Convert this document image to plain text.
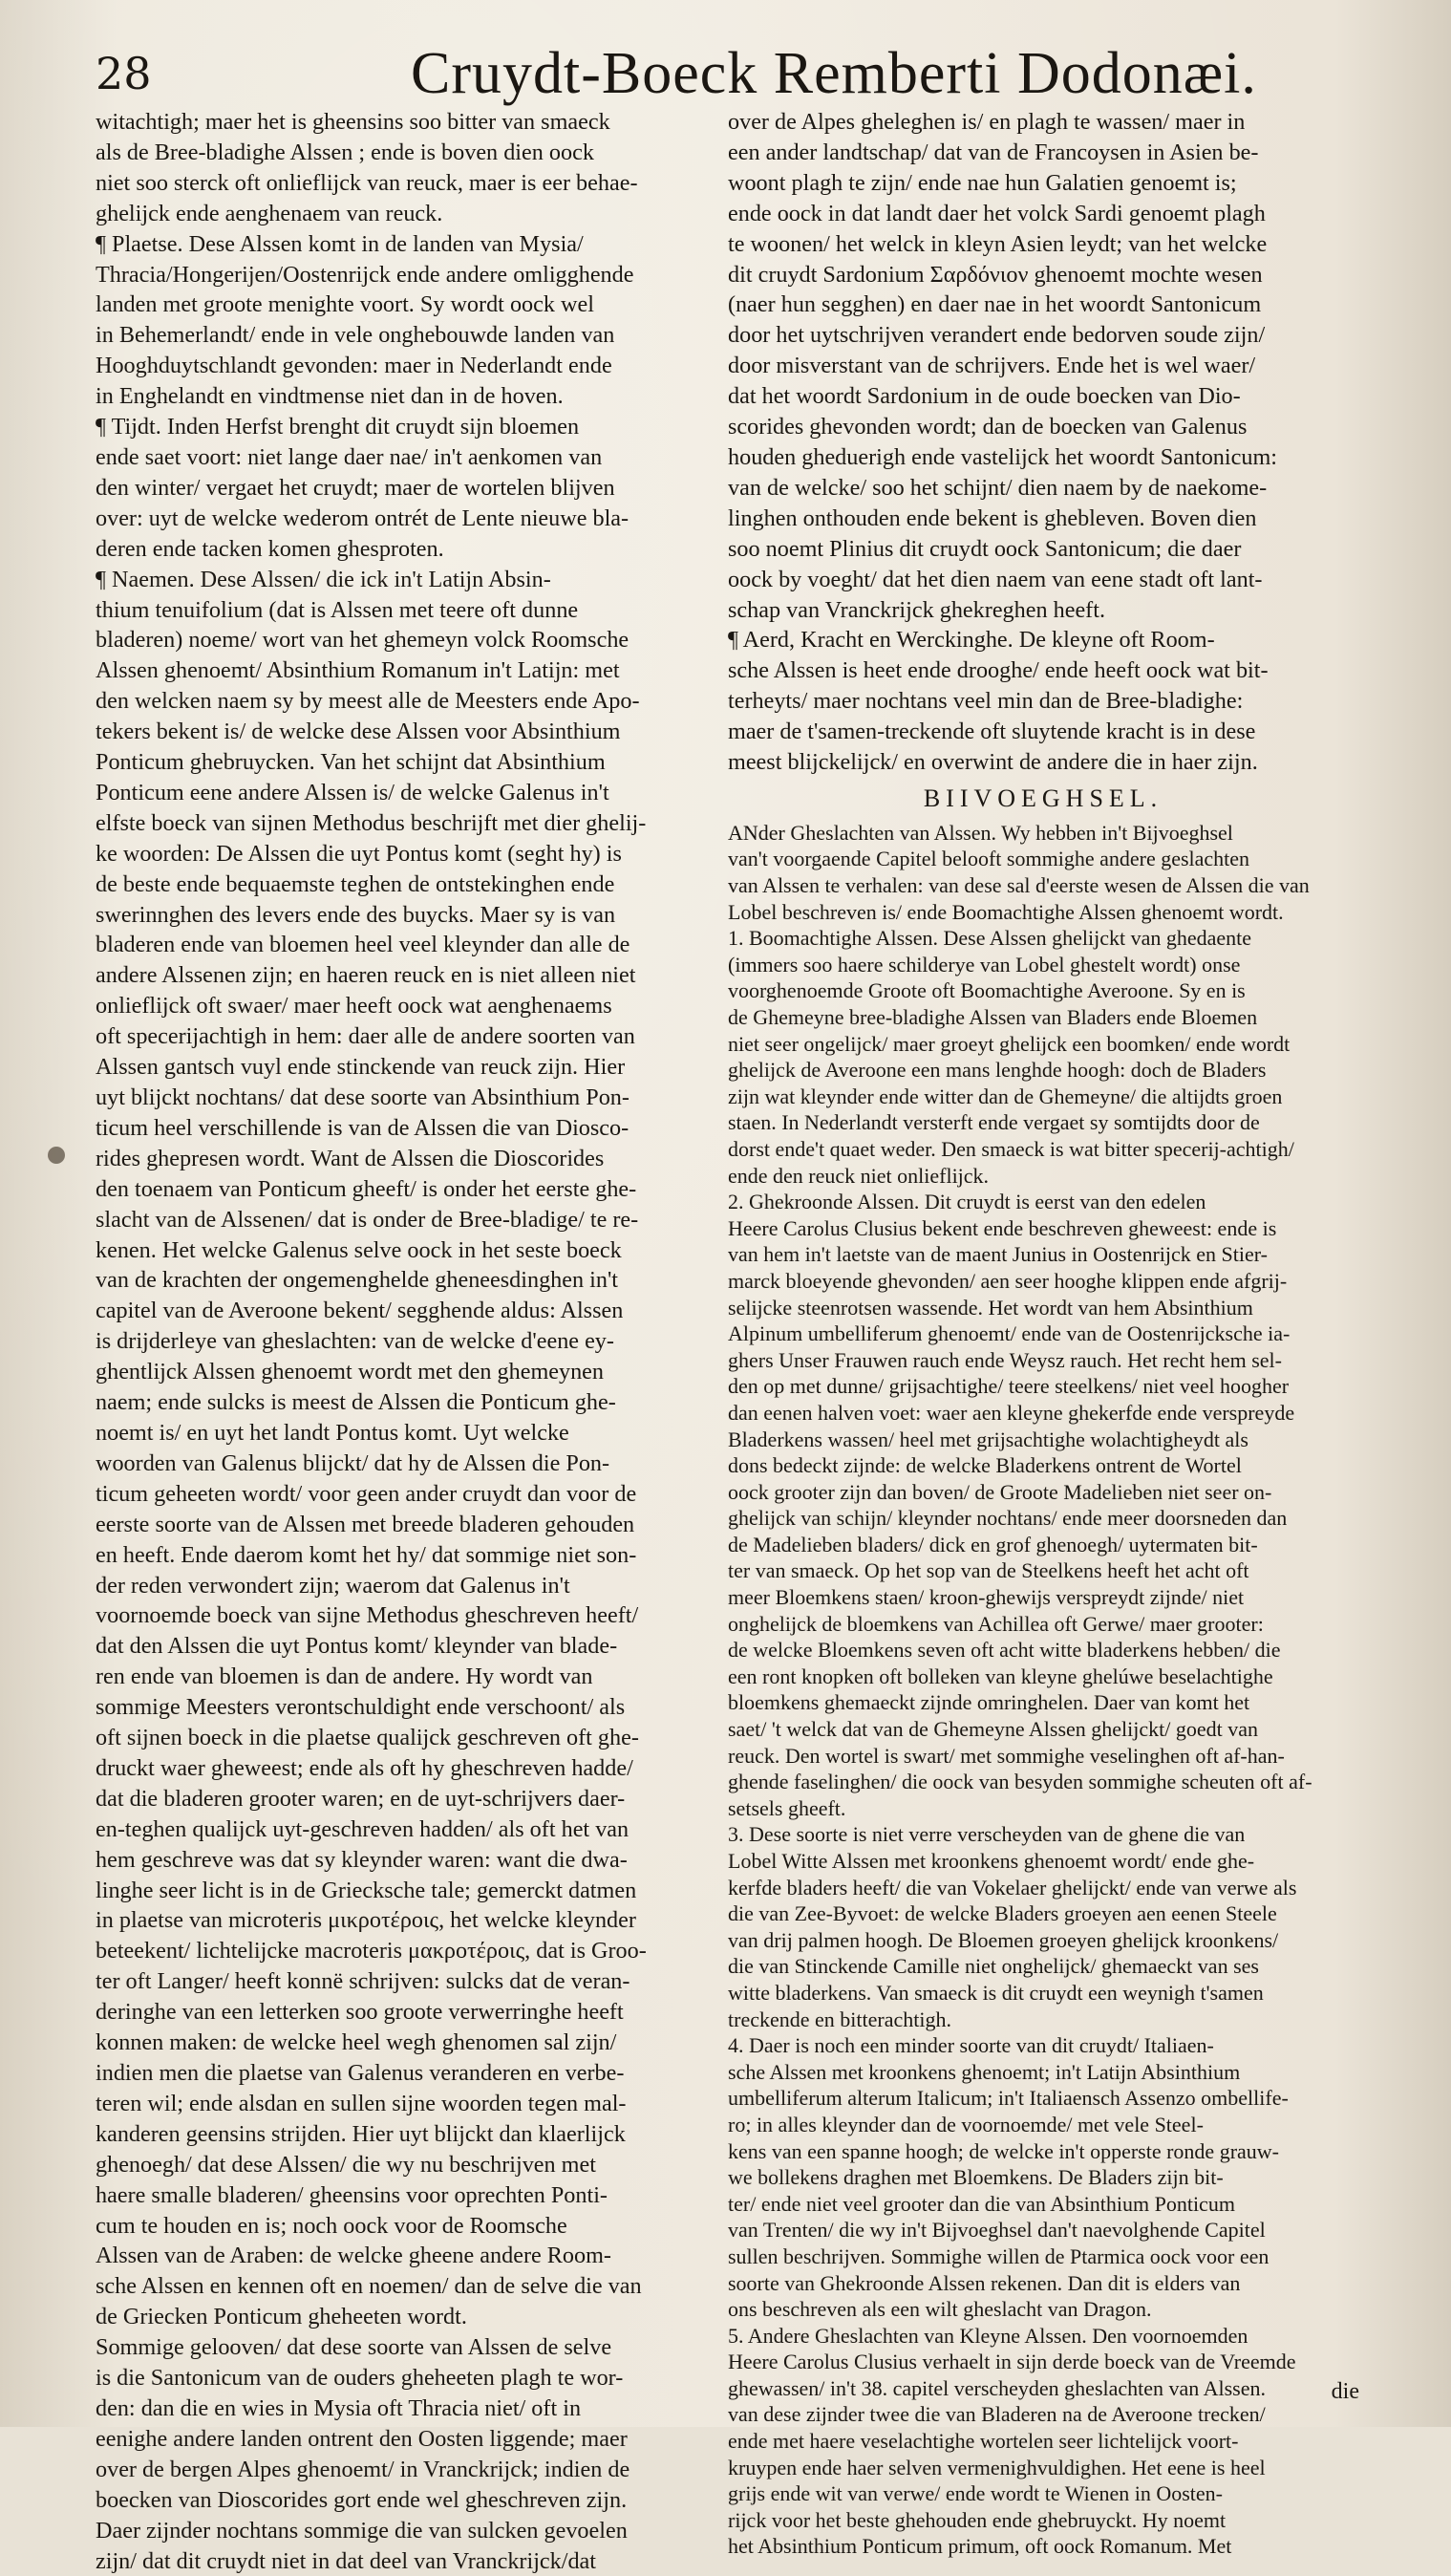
28	Cruydt-Boeck Remberti Dodonæi.
witachtigh; maer het is gheensins soo bitter van smaeck
als de Bree-bladighe Alssen ; ende is boven dien oock
niet soo sterck oft onlieflijck van reuck, maer is eer behae-
ghelijck ende aenghenaem van reuck.
¶ Plaetse. Dese Alssen komt in de landen van Mysia/
Thracia/Hongerijen/Oostenrijck ende andere omligghende
landen met groote menighte voort. Sy wordt oock wel
in Behemerlandt/ ende in vele onghebouwde landen van
Hooghduytschlandt gevonden: maer in Nederlandt ende
in Enghelandt en vindtmense niet dan in de hoven.
¶ Tijdt. Inden Herfst brenght dit cruydt sijn bloemen
ende saet voort: niet lange daer nae/ in't aenkomen van
den winter/ vergaet het cruydt; maer de wortelen blijven
over: uyt de welcke wederom ontrét de Lente nieuwe bla-
deren ende tacken komen ghesproten.
¶ Naemen. Dese Alssen/ die ick in't Latijn Absin-
thium tenuifolium (dat is Alssen met teere oft dunne
bladeren) noeme/ wort van het ghemeyn volck Roomsche
Alssen ghenoemt/ Absinthium Romanum in't Latijn: met
den welcken naem sy by meest alle de Meesters ende Apo-
tekers bekent is/ de welcke dese Alssen voor Absinthium
Ponticum ghebruycken. Van het schijnt dat Absinthium
Ponticum eene andere Alssen is/ de welcke Galenus in't
elfste boeck van sijnen Methodus beschrijft met dier ghelij-
ke woorden: De Alssen die uyt Pontus komt (seght hy) is
de beste ende bequaemste teghen de ontstekinghen ende
swerinnghen des levers ende des buycks. Maer sy is van
bladeren ende van bloemen heel veel kleynder dan alle de
andere Alssenen zijn; en haeren reuck en is niet alleen niet
onlieflijck oft swaer/ maer heeft oock wat aenghenaems
oft specerijachtigh in hem: daer alle de andere soorten van
Alssen gantsch vuyl ende stinckende van reuck zijn. Hier
uyt blijckt nochtans/ dat dese soorte van Absinthium Pon-
ticum heel verschillende is van de Alssen die van Diosco-
rides ghepresen wordt. Want de Alssen die Dioscorides
den toenaem van Ponticum gheeft/ is onder het eerste ghe-
slacht van de Alssenen/ dat is onder de Bree-bladige/ te re-
kenen. Het welcke Galenus selve oock in het seste boeck
van de krachten der ongemenghelde gheneesdinghen in't
capitel van de Averoone bekent/ segghende aldus: Alssen
is drijderleye van gheslachten: van de welcke d'eene ey-
ghentlijck Alssen ghenoemt wordt met den ghemeynen
naem; ende sulcks is meest de Alssen die Ponticum ghe-
noemt is/ en uyt het landt Pontus komt. Uyt welcke
woorden van Galenus blijckt/ dat hy de Alssen die Pon-
ticum geheeten wordt/ voor geen ander cruydt dan voor de
eerste soorte van de Alssen met breede bladeren gehouden
en heeft. Ende daerom komt het hy/ dat sommige niet son-
der reden verwondert zijn; waerom dat Galenus in't
voornoemde boeck van sijne Methodus gheschreven heeft/
dat den Alssen die uyt Pontus komt/ kleynder van blade-
ren ende van bloemen is dan de andere. Hy wordt van
sommige Meesters verontschuldight ende verschoont/ als
oft sijnen boeck in die plaetse qualijck geschreven oft ghe-
druckt waer gheweest; ende als oft hy gheschreven hadde/
dat die bladeren grooter waren; en de uyt-schrijvers daer-
en-teghen qualijck uyt-geschreven hadden/ als oft het van
hem geschreve was dat sy kleynder waren: want die dwa-
linghe seer licht is in de Griecksche tale; gemerckt datmen
in plaetse van microteris μικροτέροις, het welcke kleynder
beteekent/ lichtelijcke macroteris μακροτέροις, dat is Groo-
ter oft Langer/ heeft konnë schrijven: sulcks dat de veran-
deringhe van een letterken soo groote verwerringhe heeft
konnen maken: de welcke heel wegh ghenomen sal zijn/
indien men die plaetse van Galenus veranderen en verbe-
teren wil; ende alsdan en sullen sijne woorden tegen mal-
kanderen geensins strijden. Hier uyt blijckt dan klaerlijck
ghenoegh/ dat dese Alssen/ die wy nu beschrijven met
haere smalle bladeren/ gheensins voor oprechten Ponti-
cum te houden en is; noch oock voor de Roomsche
Alssen van de Araben: de welcke gheene andere Room-
sche Alssen en kennen oft en noemen/ dan de selve die van
de Griecken Ponticum gheheeten wordt.
Sommige gelooven/ dat dese soorte van Alssen de selve
is die Santonicum van de ouders gheheeten plagh te wor-
den: dan die en wies in Mysia oft Thracia niet/ oft in
eenighe andere landen ontrent den Oosten liggende; maer
over de bergen Alpes ghenoemt/ in Vranckrijck; indien de
boecken van Dioscorides gort ende wel gheschreven zijn.
Daer zijnder nochtans sommige die van sulcken gevoelen
zijn/ dat dit cruydt niet in dat deel van Vranckrijck/dat
over de Alpes gheleghen is/ en plagh te wassen/ maer in
een ander landtschap/ dat van de Francoysen in Asien be-
woont plagh te zijn/ ende nae hun Galatien genoemt is;
ende oock in dat landt daer het volck Sardi genoemt plagh
te woonen/ het welck in kleyn Asien leydt; van het welcke
dit cruydt Sardonium Σαρδόνιον ghenoemt mochte wesen
(naer hun segghen) en daer nae in het woordt Santonicum
door het uytschrijven verandert ende bedorven soude zijn/
door misverstant van de schrijvers. Ende het is wel waer/
dat het woordt Sardonium in de oude boecken van Dio-
scorides ghevonden wordt; dan de boecken van Galenus
houden gheduerigh ende vastelijck het woordt Santonicum:
van de welcke/ soo het schijnt/ dien naem by de naekome-
linghen onthouden ende bekent is ghebleven. Boven dien
soo noemt Plinius dit cruydt oock Santonicum; die daer
oock by voeght/ dat het dien naem van eene stadt oft lant-
schap van Vranckrijck ghekreghen heeft.
¶ Aerd, Kracht en Werckinghe. De kleyne oft Room-
sche Alssen is heet ende drooghe/ ende heeft oock wat bit-
terheyts/ maer nochtans veel min dan de Bree-bladighe:
maer de t'samen-treckende oft sluytende kracht is in dese
meest blijckelijck/ en overwint de andere die in haer zijn.
BIIVOEGHSEL.
ANder Gheslachten van Alssen. Wy hebben in't Bijvoeghsel
van't voorgaende Capitel belooft sommighe andere geslachten
van Alssen te verhalen: van dese sal d'eerste wesen de Alssen die van
Lobel beschreven is/ ende Boomachtighe Alssen ghenoemt wordt.
1. Boomachtighe Alssen. Dese Alssen ghelijckt van ghedaente
(immers soo haere schilderye van Lobel ghestelt wordt) onse
voorghenoemde Groote oft Boomachtighe Averoone. Sy en is
de Ghemeyne bree-bladighe Alssen van Bladers ende Bloemen
niet seer ongelijck/ maer groeyt ghelijck een boomken/ ende wordt
ghelijck de Averoone een mans lenghde hoogh: doch de Bladers
zijn wat kleynder ende witter dan de Ghemeyne/ die altijdts groen
staen. In Nederlandt versterft ende vergaet sy somtijdts door de
dorst ende't quaet weder. Den smaeck is wat bitter specerij-achtigh/
ende den reuck niet onlieflijck.
2. Ghekroonde Alssen. Dit cruydt is eerst van den edelen
Heere Carolus Clusius bekent ende beschreven gheweest: ende is
van hem in't laetste van de maent Junius in Oostenrijck en Stier-
marck bloeyende ghevonden/ aen seer hooghe klippen ende afgrij-
selijcke steenrotsen wassende. Het wordt van hem Absinthium
Alpinum umbelliferum ghenoemt/ ende van de Oostenrijcksche ia-
ghers Unser Frauwen rauch ende Weysz rauch. Het recht hem sel-
den op met dunne/ grijsachtighe/ teere steelkens/ niet veel hoogher
dan eenen halven voet: waer aen kleyne ghekerfde ende verspreyde
Bladerkens wassen/ heel met grijsachtighe wolachtigheydt als
dons bedeckt zijnde: de welcke Bladerkens ontrent de Wortel
oock grooter zijn dan boven/ de Groote Madelieben niet seer on-
ghelijck van schijn/ kleynder nochtans/ ende meer doorsneden dan
de Madelieben bladers/ dick en grof ghenoegh/ uytermaten bit-
ter van smaeck. Op het sop van de Steelkens heeft het acht oft
meer Bloemkens staen/ kroon-ghewijs verspreydt zijnde/ niet
onghelijck de bloemkens van Achillea oft Gerwe/ maer grooter:
de welcke Bloemkens seven oft acht witte bladerkens hebben/ die
een ront knopken oft bolleken van kleyne ghelúwe beselachtighe
bloemkens ghemaeckt zijnde omringhelen. Daer van komt het
saet/ 't welck dat van de Ghemeyne Alssen ghelijckt/ goedt van
reuck. Den wortel is swart/ met sommighe veselinghen oft af-han-
ghende faselinghen/ die oock van besyden sommighe scheuten oft af-
setsels gheeft.
3. Dese soorte is niet verre verscheyden van de ghene die van
Lobel Witte Alssen met kroonkens ghenoemt wordt/ ende ghe-
kerfde bladers heeft/ die van Vokelaer ghelijckt/ ende van verwe als
die van Zee-Byvoet: de welcke Bladers groeyen aen eenen Steele
van drij palmen hoogh. De Bloemen groeyen ghelijck kroonkens/
die van Stinckende Camille niet onghelijck/ ghemaeckt van ses
witte bladerkens. Van smaeck is dit cruydt een weynigh t'samen
treckende en bitterachtigh.
4. Daer is noch een minder soorte van dit cruydt/ Italiaen-
sche Alssen met kroonkens ghenoemt; in't Latijn Absinthium
umbelliferum alterum Italicum; in't Italiaensch Assenzo ombellife-
ro; in alles kleynder dan de voornoemde/ met vele Steel-
kens van een spanne hoogh; de welcke in't opperste ronde grauw-
we bollekens draghen met Bloemkens. De Bladers zijn bit-
ter/ ende niet veel grooter dan die van Absinthium Ponticum
van Trenten/ die wy in't Bijvoeghsel dan't naevolghende Capitel
sullen beschrijven. Sommighe willen de Ptarmica oock voor een
soorte van Ghekroonde Alssen rekenen. Dan dit is elders van
ons beschreven als een wilt gheslacht van Dragon.
5. Andere Gheslachten van Kleyne Alssen. Den voornoemden
Heere Carolus Clusius verhaelt in sijn derde boeck van de Vreemde
ghewassen/ in't 38. capitel verscheyden gheslachten van Alssen.
van dese zijnder twee die van Bladeren na de Averoone trecken/
ende met haere veselachtighe wortelen seer lichtelijck voort-
kruypen ende haer selven vermenighvuldighen. Het eene is heel
grijs ende wit van verwe/ ende wordt te Wienen in Oosten-
rijck voor het beste ghehouden ende ghebruyckt. Hy noemt
het Absinthium Ponticum primum, oft oock Romanum. Met
die
